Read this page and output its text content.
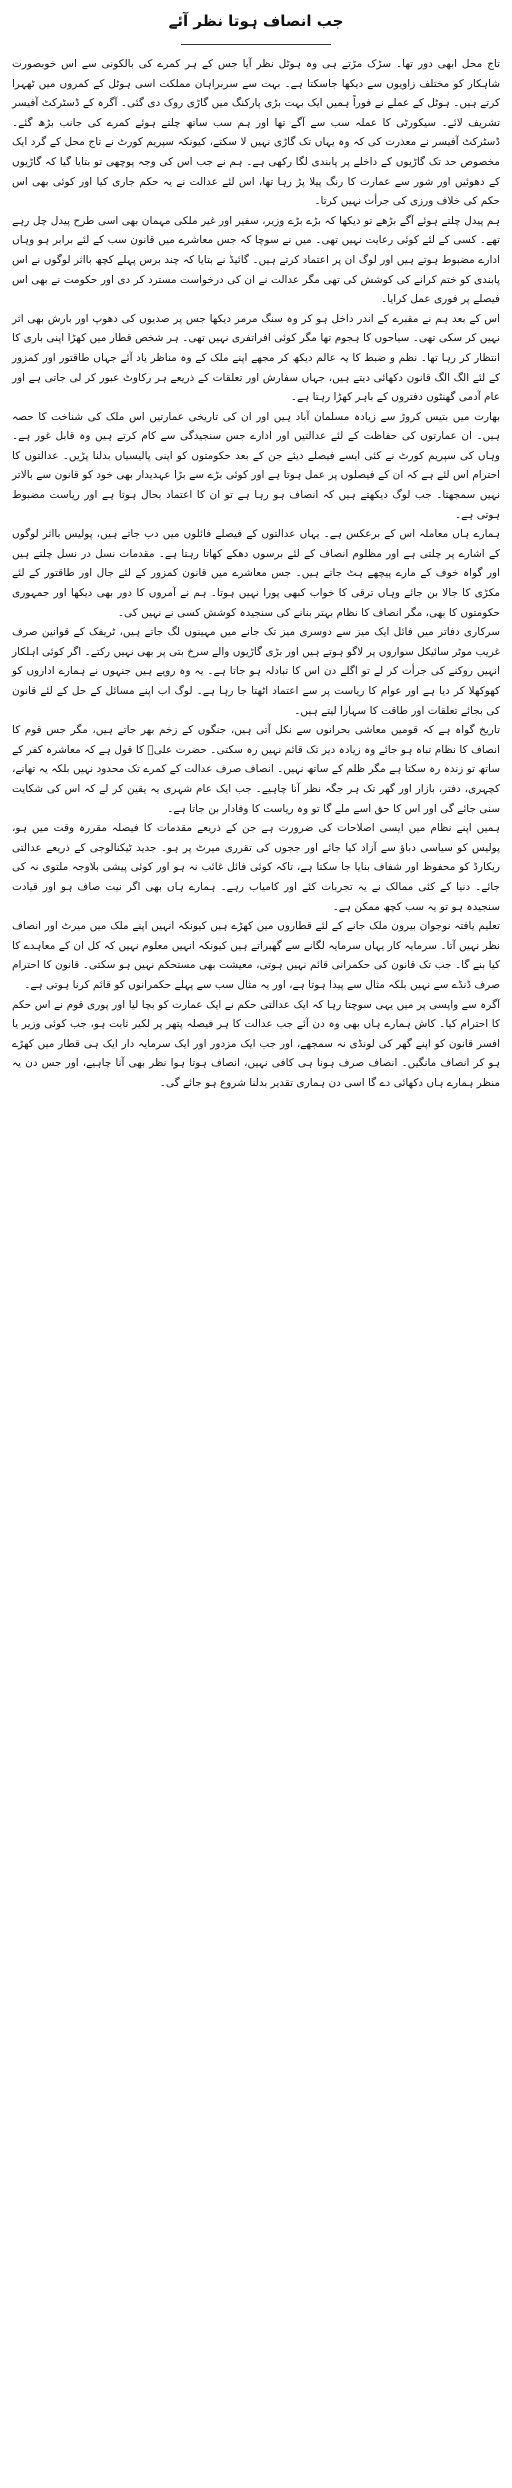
جب انصاف ہوتا نظر آئے

تاج محل ابھی دور تھا۔ سڑک مڑتے ہی وہ ہوٹل نظر آیا جس کے ہر کمرے کی بالکونی سے اس خوبصورت شاہکار کو مختلف زاویوں سے دیکھا جاسکتا ہے۔ بہت سے سربراہان مملکت اسی ہوٹل کے کمروں میں ٹھہرا کرتے ہیں۔ ہوٹل کے عملے نے فوراً ہمیں ایک بہت بڑی پارکنگ میں گاڑی روک دی گئی۔ آگرہ کے ڈسٹرکٹ آفیسر تشریف لائے۔ سیکورٹی کا عملہ سب سے آگے تھا اور ہم سب ساتھ چلتے ہوئے کمرے کی جانب بڑھ گئے۔ ڈسٹرکٹ آفیسر نے معذرت کی کہ وہ یہاں تک گاڑی نہیں لا سکتے، کیونکہ سپریم کورٹ نے تاج محل کے گرد ایک مخصوص حد تک گاڑیوں کے داخلے پر پابندی لگا رکھی ہے۔ ہم نے جب اس کی وجہ پوچھی تو بتایا گیا کہ گاڑیوں کے دھوئیں اور شور سے عمارت کا رنگ پیلا پڑ رہا تھا، اس لئے عدالت نے یہ حکم جاری کیا اور کوئی بھی اس حکم کی خلاف ورزی کی جرأت نہیں کرتا۔

ہم پیدل چلتے ہوئے آگے بڑھے تو دیکھا کہ بڑے بڑے وزیر، سفیر اور غیر ملکی مہمان بھی اسی طرح پیدل چل رہے تھے۔ کسی کے لئے کوئی رعایت نہیں تھی۔ میں نے سوچا کہ جس معاشرے میں قانون سب کے لئے برابر ہو وہاں ادارے مضبوط ہوتے ہیں اور لوگ ان پر اعتماد کرتے ہیں۔ گائیڈ نے بتایا کہ چند برس پہلے کچھ بااثر لوگوں نے اس پابندی کو ختم کرانے کی کوشش کی تھی مگر عدالت نے ان کی درخواست مسترد کر دی اور حکومت نے بھی اس فیصلے پر فوری عمل کرایا۔

اس کے بعد ہم نے مقبرے کے اندر داخل ہو کر وہ سنگ مرمر دیکھا جس پر صدیوں کی دھوپ اور بارش بھی اثر نہیں کر سکی تھی۔ سیاحوں کا ہجوم تھا مگر کوئی افراتفری نہیں تھی۔ ہر شخص قطار میں کھڑا اپنی باری کا انتظار کر رہا تھا۔ نظم و ضبط کا یہ عالم دیکھ کر مجھے اپنے ملک کے وہ مناظر یاد آئے جہاں طاقتور اور کمزور کے لئے الگ الگ قانون دکھائی دیتے ہیں، جہاں سفارش اور تعلقات کے ذریعے ہر رکاوٹ عبور کر لی جاتی ہے اور عام آدمی گھنٹوں دفتروں کے باہر کھڑا رہتا ہے۔

بھارت میں بتیس کروڑ سے زیادہ مسلمان آباد ہیں اور ان کی تاریخی عمارتیں اس ملک کی شناخت کا حصہ ہیں۔ ان عمارتوں کی حفاظت کے لئے عدالتیں اور ادارے جس سنجیدگی سے کام کرتے ہیں وہ قابل غور ہے۔ وہاں کی سپریم کورٹ نے کئی ایسے فیصلے دیئے جن کے بعد حکومتوں کو اپنی پالیسیاں بدلنا پڑیں۔ عدالتوں کا احترام اس لئے ہے کہ ان کے فیصلوں پر عمل ہوتا ہے اور کوئی بڑے سے بڑا عہدیدار بھی خود کو قانون سے بالاتر نہیں سمجھتا۔ جب لوگ دیکھتے ہیں کہ انصاف ہو رہا ہے تو ان کا اعتماد بحال ہوتا ہے اور ریاست مضبوط ہوتی ہے۔

ہمارے ہاں معاملہ اس کے برعکس ہے۔ یہاں عدالتوں کے فیصلے فائلوں میں دب جاتے ہیں، پولیس بااثر لوگوں کے اشارے پر چلتی ہے اور مظلوم انصاف کے لئے برسوں دھکے کھاتا رہتا ہے۔ مقدمات نسل در نسل چلتے ہیں اور گواہ خوف کے مارے پیچھے ہٹ جاتے ہیں۔ جس معاشرے میں قانون کمزور کے لئے جال اور طاقتور کے لئے مکڑی کا جالا بن جائے وہاں ترقی کا خواب کبھی پورا نہیں ہوتا۔ ہم نے آمروں کا دور بھی دیکھا اور جمہوری حکومتوں کا بھی، مگر انصاف کا نظام بہتر بنانے کی سنجیدہ کوشش کسی نے نہیں کی۔

سرکاری دفاتر میں فائل ایک میز سے دوسری میز تک جانے میں مہینوں لگ جاتے ہیں، ٹریفک کے قوانین صرف غریب موٹر سائیکل سواروں پر لاگو ہوتے ہیں اور بڑی گاڑیوں والے سرخ بتی پر بھی نہیں رکتے۔ اگر کوئی اہلکار انہیں روکنے کی جرأت کر لے تو اگلے دن اس کا تبادلہ ہو جاتا ہے۔ یہ وہ رویے ہیں جنہوں نے ہمارے اداروں کو کھوکھلا کر دیا ہے اور عوام کا ریاست پر سے اعتماد اٹھتا جا رہا ہے۔ لوگ اب اپنے مسائل کے حل کے لئے قانون کی بجائے تعلقات اور طاقت کا سہارا لیتے ہیں۔

تاریخ گواہ ہے کہ قومیں معاشی بحرانوں سے نکل آتی ہیں، جنگوں کے زخم بھر جاتے ہیں، مگر جس قوم کا انصاف کا نظام تباہ ہو جائے وہ زیادہ دیر تک قائم نہیں رہ سکتی۔ حضرت علیؓ کا قول ہے کہ معاشرہ کفر کے ساتھ تو زندہ رہ سکتا ہے مگر ظلم کے ساتھ نہیں۔ انصاف صرف عدالت کے کمرے تک محدود نہیں بلکہ یہ تھانے، کچہری، دفتر، بازار اور گھر تک ہر جگہ نظر آنا چاہیے۔ جب ایک عام شہری یہ یقین کر لے کہ اس کی شکایت سنی جائے گی اور اس کا حق اسے ملے گا تو وہ ریاست کا وفادار بن جاتا ہے۔

ہمیں اپنے نظام میں ایسی اصلاحات کی ضرورت ہے جن کے ذریعے مقدمات کا فیصلہ مقررہ وقت میں ہو، پولیس کو سیاسی دباؤ سے آزاد کیا جائے اور ججوں کی تقرری میرٹ پر ہو۔ جدید ٹیکنالوجی کے ذریعے عدالتی ریکارڈ کو محفوظ اور شفاف بنایا جا سکتا ہے، تاکہ کوئی فائل غائب نہ ہو اور کوئی پیشی بلاوجہ ملتوی نہ کی جائے۔ دنیا کے کئی ممالک نے یہ تجربات کئے اور کامیاب رہے۔ ہمارے ہاں بھی اگر نیت صاف ہو اور قیادت سنجیدہ ہو تو یہ سب کچھ ممکن ہے۔

تعلیم یافتہ نوجوان بیرون ملک جانے کے لئے قطاروں میں کھڑے ہیں کیونکہ انہیں اپنے ملک میں میرٹ اور انصاف نظر نہیں آتا۔ سرمایہ کار یہاں سرمایہ لگانے سے گھبراتے ہیں کیونکہ انہیں معلوم نہیں کہ کل ان کے معاہدے کا کیا بنے گا۔ جب تک قانون کی حکمرانی قائم نہیں ہوتی، معیشت بھی مستحکم نہیں ہو سکتی۔ قانون کا احترام صرف ڈنڈے سے نہیں بلکہ مثال سے پیدا ہوتا ہے، اور یہ مثال سب سے پہلے حکمرانوں کو قائم کرنا ہوتی ہے۔

آگرہ سے واپسی پر میں یہی سوچتا رہا کہ ایک عدالتی حکم نے ایک عمارت کو بچا لیا اور پوری قوم نے اس حکم کا احترام کیا۔ کاش ہمارے ہاں بھی وہ دن آئے جب عدالت کا ہر فیصلہ پتھر پر لکیر ثابت ہو، جب کوئی وزیر یا افسر قانون کو اپنے گھر کی لونڈی نہ سمجھے، اور جب ایک مزدور اور ایک سرمایہ دار ایک ہی قطار میں کھڑے ہو کر انصاف مانگیں۔ انصاف صرف ہونا ہی کافی نہیں، انصاف ہوتا ہوا نظر بھی آنا چاہیے، اور جس دن یہ منظر ہمارے ہاں دکھائی دے گا اسی دن ہماری تقدیر بدلنا شروع ہو جائے گی۔
